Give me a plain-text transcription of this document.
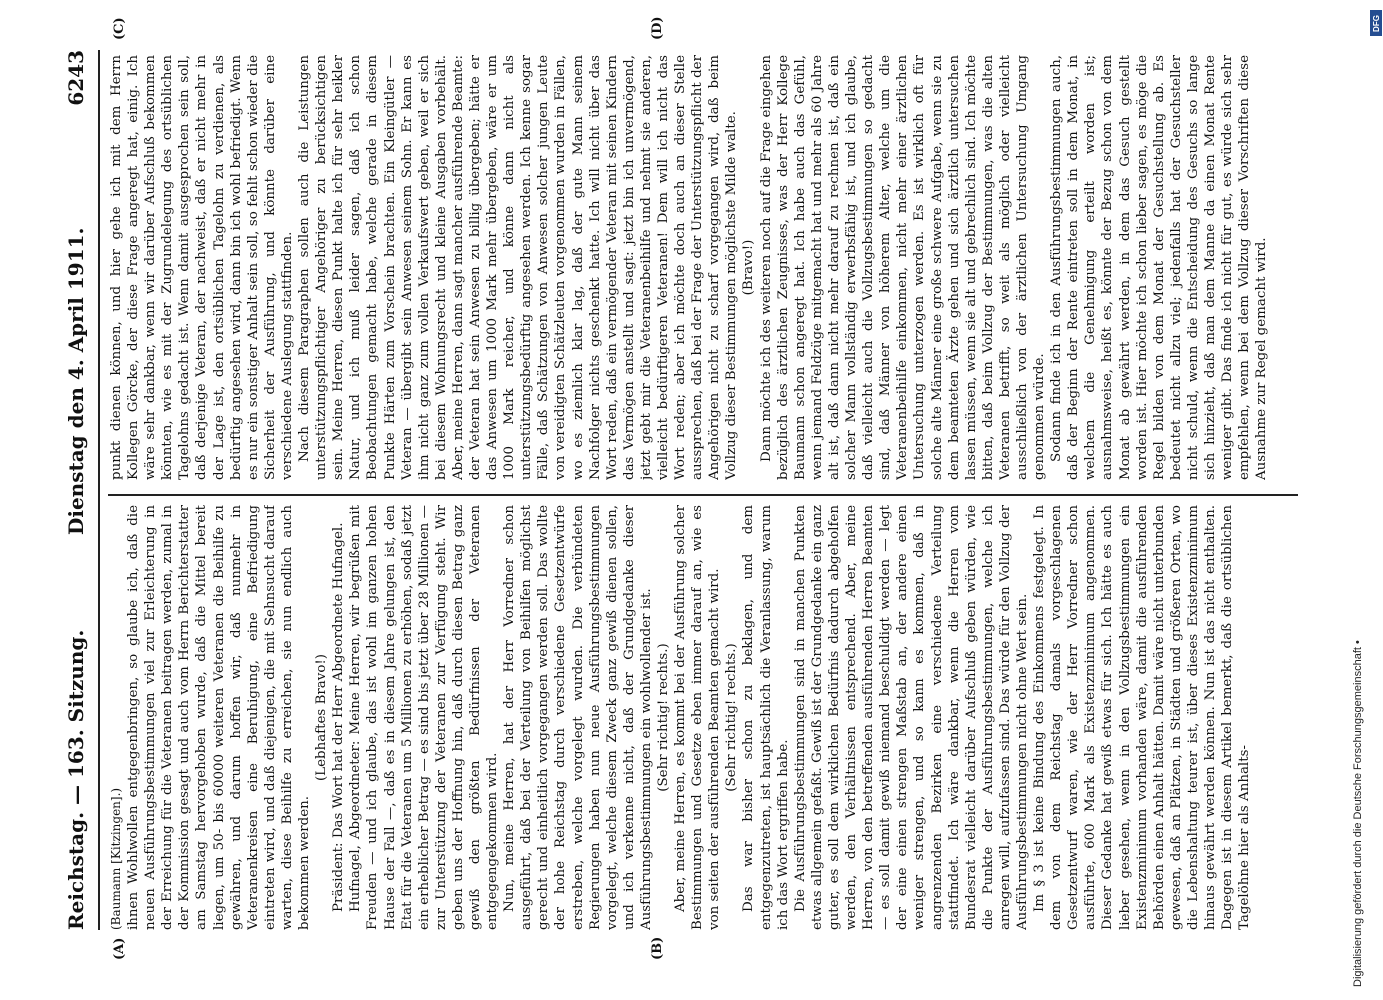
Reichstag. — 163. Sitzung.
Dienstag den 4. April 1911.
6243
(A)	(B)
(C)	(D)

(Baumann [Kitzingen].) ihnen Wohlwollen entgegenbringen, so glaube ich, daß die neuen Ausführungsbestimmungen viel zur Erleichterung in der Erreichung für die Veteranen beitragen werden, zumal in der Kommission gesagt und auch vom Herrn Berichterstatter am Samstag hervorgehoben wurde, daß die Mittel bereit liegen, um 50- bis 60000 weiteren Veteranen die Beihilfe zu gewähren, und darum hoffen wir, daß nunmehr in Veteranenkreisen eine Beruhigung, eine Befriedigung eintreten wird, und daß diejenigen, die mit Sehnsucht darauf warten, diese Beihilfe zu erreichen, sie nun endlich auch bekommen werden.

(Lebhaftes Bravo!) Präsident: Das Wort hat der Herr Abgeordnete Hufnagel. Hufnagel, Abgeordneter: Meine Herren, wir begrüßen mit Freuden — und ich glaube, das ist wohl im ganzen hohen Hause der Fall —, daß es in diesem Jahre gelungen ist, den Etat für die Veteranen um 5 Millionen zu erhöhen, sodaß jetzt ein erheblicher Betrag — es sind bis jetzt über 28 Millionen — zur Unterstützung der Veteranen zur Verfügung steht. Wir geben uns der Hoffnung hin, daß durch diesen Betrag ganz gewiß den größten Bedürfnissen der Veteranen entgegengekommen wird. Nun, meine Herren, hat der Herr Vorredner schon ausgeführt, daß bei der Verteilung von Beihilfen möglichst gerecht und einheitlich vorgegangen werden soll. Das wollte der hohe Reichstag durch verschiedene Gesetzentwürfe erstreben, welche vorgelegt wurden. Die verbündeten Regierungen haben nun neue Ausführungsbestimmungen vorgelegt, welche diesem Zweck ganz gewiß dienen sollen, und ich verkenne nicht, daß der Grundgedanke dieser Ausführungsbestimmungen ein wohlwollender ist. (Sehr richtig! rechts.) Aber, meine Herren, es kommt bei der Ausführung solcher Bestimmungen und Gesetze eben immer darauf an, wie es von seiten der ausführenden Beamten gemacht wird. (Sehr richtig! rechts.) Das war bisher schon zu beklagen, und dem entgegenzutreten, ist hauptsächlich die Veranlassung, warum ich das Wort ergriffen habe. Die Ausführungsbestimmungen sind in manchen Punkten etwas allgemein gefaßt. Gewiß ist der Grundgedanke ein ganz guter, es soll dem wirklichen Bedürfnis dadurch abgeholfen werden, den Verhältnissen entsprechend. Aber, meine Herren, von den betreffenden ausführenden Herren Beamten — es soll damit gewiß niemand beschuldigt werden — legt der eine einen strengen Maßstab an, der andere einen weniger strengen, und so kann es kommen, daß in angrenzenden Bezirken eine verschiedene Verteilung stattfindet. Ich wäre dankbar, wenn die Herren vom Bundesrat vielleicht darüber Aufschluß geben würden, wie die Punkte der Ausführungsbestimmungen, welche ich anregen will, aufzufassen sind. Das würde für den Vollzug der Ausführungsbestimmungen nicht ohne Wert sein. Im § 3 ist keine Bindung des Einkommens festgelegt. In dem von dem Reichstag damals vorgeschlagenen Gesetzentwurf waren, wie der Herr Vorredner schon ausführte, 600 Mark als Existenzminimum angenommen. Dieser Gedanke hat gewiß etwas für sich. Ich hätte es auch lieber gesehen, wenn in den Vollzugsbestimmungen ein Existenzminimum vorhanden wäre, damit die ausführenden Behörden einen Anhalt hätten. Damit wäre nicht unterbunden gewesen, daß an Plätzen, in Städten und größeren Orten, wo die Lebenshaltung teurer ist, über dieses Existenzminimum hinaus gewährt werden können. Nun ist das nicht enthalten. Dagegen ist in diesem Artikel bemerkt, daß die ortsüblichen Tagelöhne hier als Anhalts-

punkt dienen können, und hier gehe ich mit dem Herrn Kollegen Görcke, der diese Frage angeregt hat, einig. Ich wäre sehr dankbar, wenn wir darüber Aufschluß bekommen könnten, wie es mit der Zugrundelegung des ortsüblichen Tagelohns gedacht ist. Wenn damit ausgesprochen sein soll, daß derjenige Veteran, der nachweist, daß er nicht mehr in der Lage ist, den ortsüblichen Tagelohn zu verdienen, als bedürftig angesehen wird, dann bin ich wohl befriedigt. Wenn es nur ein sonstiger Anhalt sein soll, so fehlt schon wieder die Sicherheit der Ausführung, und könnte darüber eine verschiedene Auslegung stattfinden. Nach diesem Paragraphen sollen auch die Leistungen unterstützungspflichtiger Angehöriger zu berücksichtigen sein. Meine Herren, diesen Punkt halte ich für sehr heikler Natur, und ich muß leider sagen, daß ich schon Beobachtungen gemacht habe, welche gerade in diesem Punkte Härten zum Vorschein brachten. Ein Kleingütler — Veteran — übergibt sein Anwesen seinem Sohn. Er kann es ihm nicht ganz zum vollen Verkaufswert geben, weil er sich bei diesem Wohnungsrecht und kleine Ausgaben vorbehält. Aber, meine Herren, dann sagt mancher ausführende Beamte: der Veteran hat sein Anwesen zu billig übergeben; hätte er das Anwesen um 1000 Mark mehr übergeben, wäre er um 1000 Mark reicher, und könne dann nicht als unterstützungsbedürftig angesehen werden. Ich kenne sogar Fälle, daß Schätzungen von Anwesen solcher jungen Leute von vereidigten Schätzleuten vorgenommen wurden in Fällen, wo es ziemlich klar lag, daß der gute Mann seinem Nachfolger nichts geschenkt hatte. Ich will nicht über das Wort reden, daß ein vermögender Veteran mit seinen Kindern das Vermögen anstellt und sagt: jetzt bin ich unvermögend, jetzt gebt mir die Veteranenbeihilfe und nehmt sie anderen, vielleicht bedürftigeren Veteranen! Dem will ich nicht das Wort reden; aber ich möchte doch auch an dieser Stelle aussprechen, daß bei der Frage der Unterstützungspflicht der Angehörigen nicht zu scharf vorgegangen wird, daß beim Vollzug dieser Bestimmungen möglichste Milde walte. (Bravo!) Dann möchte ich des weiteren noch auf die Frage eingehen bezüglich des ärztlichen Zeugnisses, was der Herr Kollege Baumann schon angeregt hat. Ich habe auch das Gefühl, wenn jemand Feldzüge mitgemacht hat und mehr als 60 Jahre alt ist, daß dann nicht mehr darauf zu rechnen ist, daß ein solcher Mann vollständig erwerbsfähig ist, und ich glaube, daß vielleicht auch die Vollzugsbestimmungen so gedacht sind, daß Männer von höherem Alter, welche um die Veteranenbeihilfe einkommen, nicht mehr einer ärztlichen Untersuchung unterzogen werden. Es ist wirklich oft für solche alte Männer eine große schwere Aufgabe, wenn sie zu dem beamteten Ärzte gehen und sich ärztlich untersuchen lassen müssen, wenn sie alt und gebrechlich sind. Ich möchte bitten, daß beim Vollzug der Bestimmungen, was die alten Veteranen betrifft, so weit als möglich oder vielleicht ausschließlich von der ärztlichen Untersuchung Umgang genommen würde. Sodann finde ich in den Ausführungsbestimmungen auch, daß der Beginn der Rente eintreten soll in dem Monat, in welchem die Genehmigung erteilt worden ist; ausnahmsweise, heißt es, könnte der Bezug schon von dem Monat ab gewährt werden, in dem das Gesuch gestellt worden ist. Hier möchte ich schon lieber sagen, es möge die Regel bilden von dem Monat der Gesuchstellung ab. Es bedeutet nicht allzu viel; jedenfalls hat der Gesuchsteller nicht schuld, wenn die Entscheidung des Gesuchs so lange sich hinzieht, daß man dem Manne da einen Monat Rente weniger gibt. Das finde ich nicht für gut, es würde sich sehr empfehlen, wenn bei dem Vollzug dieser Vorschriften diese Ausnahme zur Regel gemacht wird.

Digitalisierung gefördert durch die Deutsche Forschungsgemeinschaft •
DFG
